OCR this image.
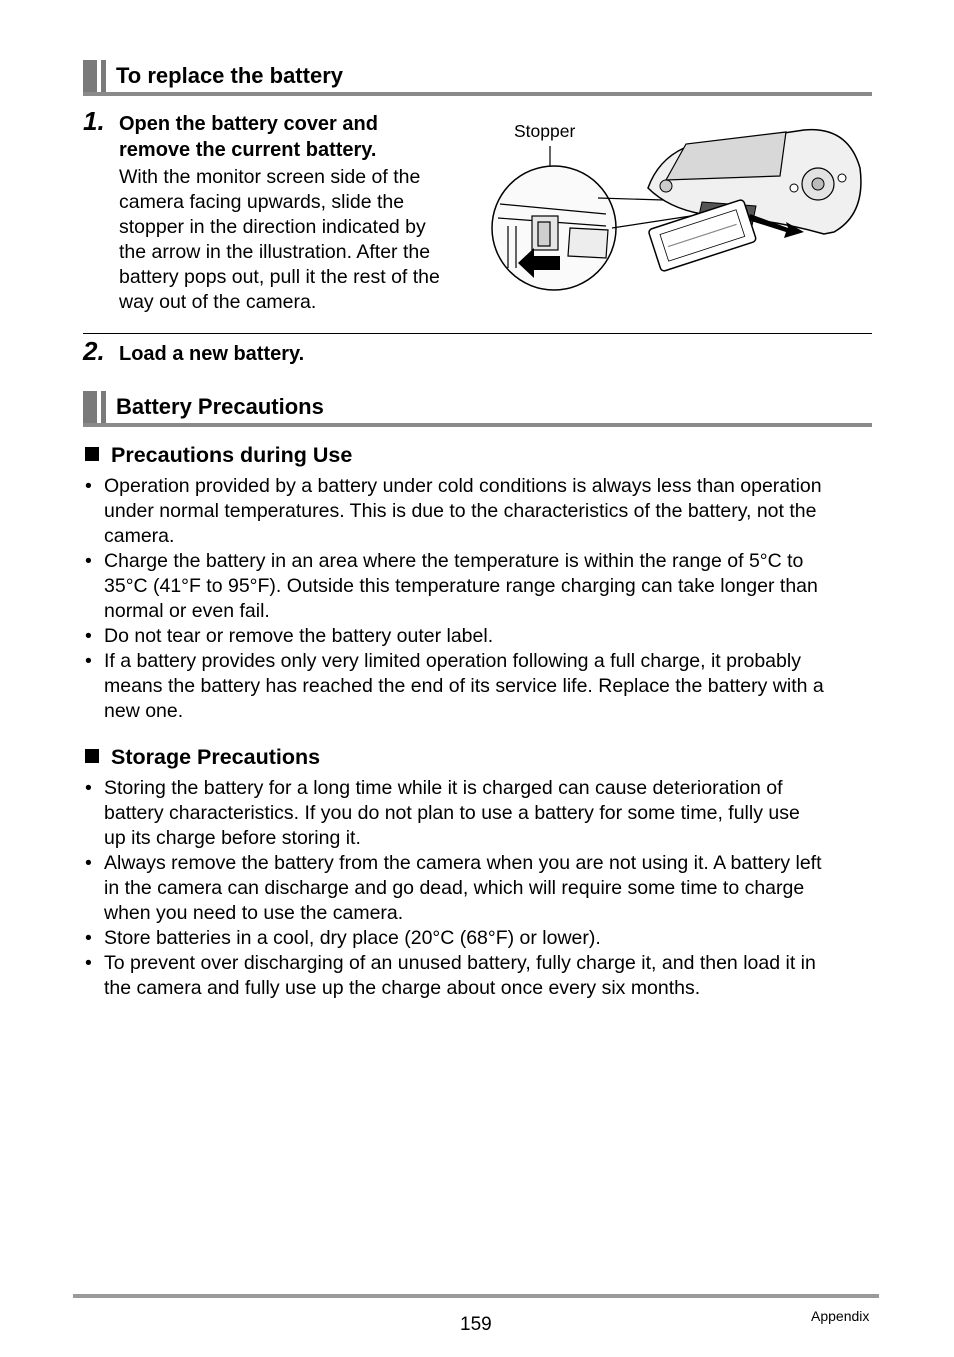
To replace the battery
1. Open the battery cover and
remove the current battery.
With the monitor screen side of the
camera facing upwards, slide the
stopper in the direction indicated by
the arrow in the illustration. After the
battery pops out, pull it the rest of the
way out of the camera.
Stopper
2. Load a new battery.
Battery Precautions
Precautions during Use
• Operation provided by a battery under cold conditions is always less than operation
under normal temperatures. This is due to the characteristics of the battery, not the
camera.
• Charge the battery in an area where the temperature is within the range of 5°C to
35°C (41°F to 95°F). Outside this temperature range charging can take longer than
normal or even fail.
• Do not tear or remove the battery outer label.
• If a battery provides only very limited operation following a full charge, it probably
means the battery has reached the end of its service life. Replace the battery with a
new one.
Storage Precautions
• Storing the battery for a long time while it is charged can cause deterioration of
battery characteristics. If you do not plan to use a battery for some time, fully use
up its charge before storing it.
• Always remove the battery from the camera when you are not using it. A battery left
in the camera can discharge and go dead, which will require some time to charge
when you need to use the camera.
• Store batteries in a cool, dry place (20°C (68°F) or lower).
• To prevent over discharging of an unused battery, fully charge it, and then load it in
the camera and fully use up the charge about once every six months.
159	Appendix
